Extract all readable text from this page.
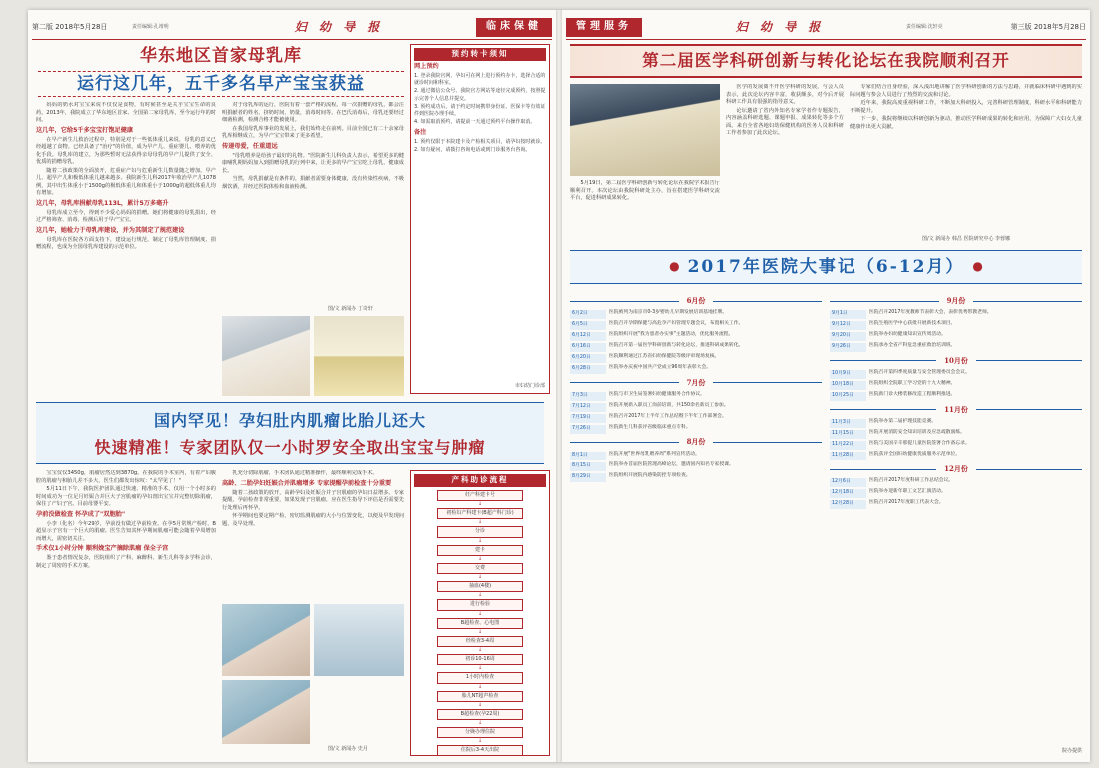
第二版 2018年5月28日	责任编辑:孔靖明	妇 幼 导 报	临床保健
华东地区首家母乳库
运行这几年，五千多名早产宝宝获益

妈妈的奶水对宝宝来说不仅仅是食物，有时候甚至是关乎宝宝生命的良药。2013年，我院成立了华东地区首家、全国第二家母乳库，至今运行年的时间。

这几年，它给5千多宝宝打饱足健康

在早产新生儿救治过程中，特别是对于一些低体重儿来说，母乳的意义已经超越了食物。已经具备了"治疗"的价值，成为早产儿、重症婴儿、喂养的优化手段。母乳库的建立，为那些暂时无法获得亲母母乳的早产儿提供了安全、优质的捐赠母乳。

随着二孩政策的全面放开，危重症产妇与危重新生儿数量随之增加。早产儿、超早产儿和极低体重儿越来越多。我院新生儿科2017年收治早产儿1078例，其中出生体重小于1500g的极低体重儿和体重小于1000g的超低体重儿均有增加。

这几年，母乳库捐献母乳113L，累计5万多毫升

母乳库成立至今，得到不少爱心妈妈的捐赠。她们将健康的母乳捐出，经过严格筛查、消毒、检测后用于早产宝宝。

这几年，她检力于母乳库建设，并为其制定了规范建设

母乳库在医院各方面支持下，建设运行规范，制定了母乳库管理制度、捐赠流程，也成为全国母乳库建设的示范单位。

对于母乳库的运行，医院有着一套严格的流程。每一次捐赠的母乳，都会注明捐献者的姓名、挤奶时间、奶量，消毒时间等。在巴氏消毒后，母乳还要经过细菌检测，检测合格才能被使用。

在我国母乳库事业的发展上，我们始终走在前列。目前全国已有二十余家母乳库相继成立，为早产宝宝带来了更多希望。

传递母爱，任重道远

"母乳喂养是给孩子最好的礼物。"医院新生儿科负责人表示，希望更多的健康哺乳期妈妈加入到捐赠母乳的行列中来，让更多的早产宝宝吃上母乳，健康成长。

当然，母乳捐献是有条件的。捐献者需要身体健康，没有传染性疾病，不吸烟饮酒，并经过医院体检和血液检测。

图/文 新闻办 丁奇轩
预约转卡须知
网上预约

1. 登录我院官网，孕妇可在网上进行预约办卡，选择合适的就诊时间和科室。

2. 通过微信公众号、我院官方网站等途径完成预约，按照提示完善个人信息并提交。

3. 预约成功后，请于约定时间携带身份证、医保卡等有效证件到医院办理手续。

4. 如需取消预约，请提前一天通过预约平台操作取消。

备注

1. 预约仅限于本院建卡及产检相关项目，请孕妇按时就诊。

2. 如有疑问，请拨打咨询电话或到门诊服务台咨询。

市妇幼门诊部
国内罕见！孕妇肚内肌瘤比胎儿还大
快速精准！专家团队仅一小时罗安全取出宝宝与肿瘤

宝宝仅仅3450g，肌瘤居然达到3870g。在我院的手术室内，有着产妇腹腔的肌瘤与和胎儿差不多大，医生们都发出惊叹："太罕见了！"

5月11日下午，我院医护团队通过快速、精准的手术，仅用一个小时多的时间成功为一位足月妊娠合并巨大子宫肌瘤的孕妇剖出宝宝并完整切除肌瘤，保住了产妇子宫。目前母婴平安。

孕前没做检查 怀孕成了"双胞胎"

小李（化名）今年29岁，孕前没有做过孕前检查。在孕5月常规产检时，B超显示子宫有一个巨大的肌瘤。医生告知其怀孕期间肌瘤可能会随着孕周增加而增大，需密切关注。

手术仅1小时分钟 顺利娩宝产摘除肌瘤 保全子宫

鉴于患者情况复杂，医院组织了产科、麻醉科、新生儿科等多学科会诊，制定了周密的手术方案。

乳充分切除肌瘤，手术团队通过精准操作，最终顺利完成手术。

高龄、二胎孕妇妊娠合并肌瘤增多 专家提醒孕前检查十分重要

随着二孩政策的放开，高龄孕妇及妊娠合并子宫肌瘤的孕妇日益增多。专家提醒，孕前检查非常重要，如果发现子宫肌瘤，应在医生指导下评估是否需要先行处理后再怀孕。

怀孕期间也要定期产检，密切监测肌瘤的大小与位置变化，以便及早发现问题、及早处理。

图/文 新闻办 史月
产科助诊流程
妊产科建卡号
↓
初检妇产科建卡(B超产科门诊)
↓
分诊
↓
建卡
↓
交费
↓
抽血(4楼)
↓
进行检验
↓
B超检查、心电图
↓
经检查3-4周
↓
初诊10-16周
↓
1小时内检查
↓
胎儿NT超声检查
↓
B超检查(孕22周)
↓
分娩办理住院
↓
住院后3-4天出院
管理服务	妇 幼 导 报	责任编辑:沈轩亮	第三版 2018年5月28日
第二届医学科研创新与转化论坛在我院顺利召开

5月19日，第二届医学科研创新与转化论坛在我院学术报告厅顺利召开。本次论坛由我院科研处主办，旨在搭建医学科研交流平台，促进科研成果转化。

医学的发展离不开医学科研的发展，与会人员表示，此次论坛内容丰富，收获颇多，对今后开展科研工作具有很强的指导意义。

论坛邀请了省内外知名专家学者作专题报告，内容涵盖科研选题、课题申报、成果转化等多个方面。来自全省各地妇幼保健机构的医务人员和科研工作者参加了此次论坛。

专家们结合自身经验，深入浅出地讲解了医学科研创新的方法与思路，并就临床科研中遇到的实际问题与参会人员进行了热烈的交流和讨论。

近年来，我院高度重视科研工作，不断加大科研投入，完善科研管理制度，科研水平和科研能力不断提升。

下一步，我院将继续以科研创新为驱动，推动医学科研成果的转化和应用，为保障广大妇女儿童健康作出更大贡献。

图/文 新闻办 韩昌 医院研究中心 李蓉娜
● 2017年医院大事记（6-12月） ●
6月份
6月2日	医院被列为南京市0-3岁婴幼儿早期发展培训基地挂牌。
6月5日	医院召开孕期保健与高危孕产妇管理专题会议，布置相关工作。
6月12日	医院组织开展"我为患者办实事"主题活动，优化服务流程。
6月16日	医院召开第一届医学科研创新与转化论坛，推进科研成果转化。
6月20日	医院顺利通过江苏省妇幼保健院等级评审现场复核。
6月28日	医院举办庆祝中国共产党成立96周年表彰大会。
7月份
7月3日	医院与市卫生局签署妇幼健康服务合作协议。
7月12日	医院开展新入职员工岗前培训，共150余名新员工参加。
7月19日	医院召开2017年上半年工作总结暨下半年工作部署会。
7月26日	医院新生儿科获评省级临床重点专科。
8月份
8月1日	医院开展"世界母乳喂养周"系列宣传活动。
8月15日	医院举办首届医院管理高峰论坛，邀请国内知名专家授课。
8月29日	医院组织开展院内感染防控专项检查。
9月份
9月1日	医院召开2017年度教师节表彰大会，表彰优秀带教老师。
9月12日	医院生殖医学中心获批开展新技术项目。
9月20日	医院举办妇幼健康知识宣传周活动。
9月26日	医院承办全省产科危急重症救治培训班。
10月份
10月9日	医院召开第四季度质量与安全管理委员会会议。
10月18日	医院组织全院职工学习党的十九大精神。
10月25日	医院新门诊大楼装修改造工程顺利推进。
11月份
11月3日	医院举办第二届护理技能竞赛。
11月15日	医院开展消防安全知识培训及应急疏散演练。
11月22日	医院与美国辛辛那提儿童医院签署合作备忘录。
11月28日	医院获评全国妇幼健康优质服务示范单位。
12月份
12月6日	医院召开2017年度科研工作总结会议。
12月18日	医院举办迎新年职工文艺汇演活动。
12月28日	医院召开2017年度职工代表大会。
院办提供
